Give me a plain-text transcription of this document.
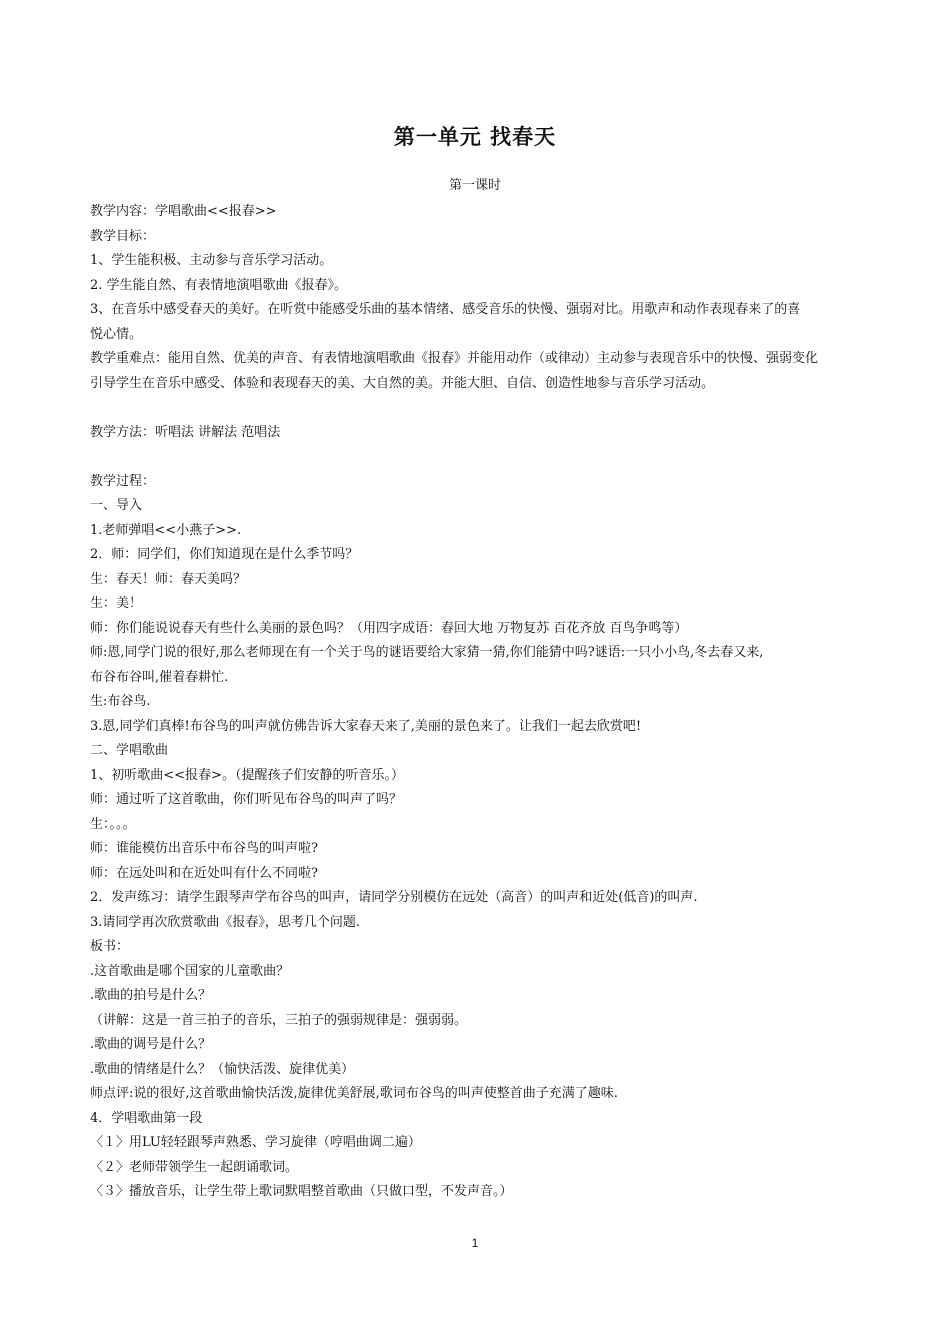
第一单元 找春天
第一课时
教学内容：学唱歌曲<<报春>>
教学目标：
1、学生能积极、主动参与音乐学习活动。
2. 学生能自然、有表情地演唱歌曲《报春》。
3、在音乐中感受春天的美好。在听赏中能感受乐曲的基本情绪、感受音乐的快慢、强弱对比。用歌声和动作表现春来了的喜
悦心情。
教学重难点：能用自然、优美的声音、有表情地演唱歌曲《报春》并能用动作（或律动）主动参与表现音乐中的快慢、强弱变化
引导学生在音乐中感受、体验和表现春天的美、大自然的美。并能大胆、自信、创造性地参与音乐学习活动。
教学方法：听唱法 讲解法 范唱法
教学过程：
一、导入
1.老师弹唱<<小燕子>>.
2．师：同学们，你们知道现在是什么季节吗？
生：春天！师：春天美吗？
生：美！
师：你们能说说春天有些什么美丽的景色吗？（用四字成语：春回大地 万物复苏 百花齐放 百鸟争鸣等）
师:恩,同学门说的很好,那么老师现在有一个关于鸟的谜语要给大家猜一猜,你们能猜中吗?谜语:一只小小鸟,冬去春又来,
布谷布谷叫,催着春耕忙.
生:布谷鸟.
3.恩,同学们真棒!布谷鸟的叫声就仿佛告诉大家春天来了,美丽的景色来了。让我们一起去欣赏吧!
二、学唱歌曲
1、初听歌曲<<报春>。（提醒孩子们安静的听音乐。）
师：通过听了这首歌曲，你们听见布谷鸟的叫声了吗？
生：。。。
师：谁能模仿出音乐中布谷鸟的叫声啦?
师：在远处叫和在近处叫有什么不同啦?
2．发声练习：请学生跟琴声学布谷鸟的叫声，请同学分别模仿在远处（高音）的叫声和近处(低音)的叫声.
3.请同学再次欣赏歌曲《报春》，思考几个问题.
板书：
.这首歌曲是哪个国家的儿童歌曲？
.歌曲的拍号是什么？
（讲解：这是一首三拍子的音乐，三拍子的强弱规律是：强弱弱。
.歌曲的调号是什么？
.歌曲的情绪是什么？（愉快活泼、旋律优美）
师点评:说的很好,这首歌曲愉快活泼,旋律优美舒展,歌词布谷鸟的叫声使整首曲子充满了趣味.
4．学唱歌曲第一段
〈１〉用LU轻轻跟琴声熟悉、学习旋律（哼唱曲调二遍）
〈２〉老师带领学生一起朗诵歌词。
〈３〉播放音乐，让学生带上歌词默唱整首歌曲（只做口型，不发声音。）
1
